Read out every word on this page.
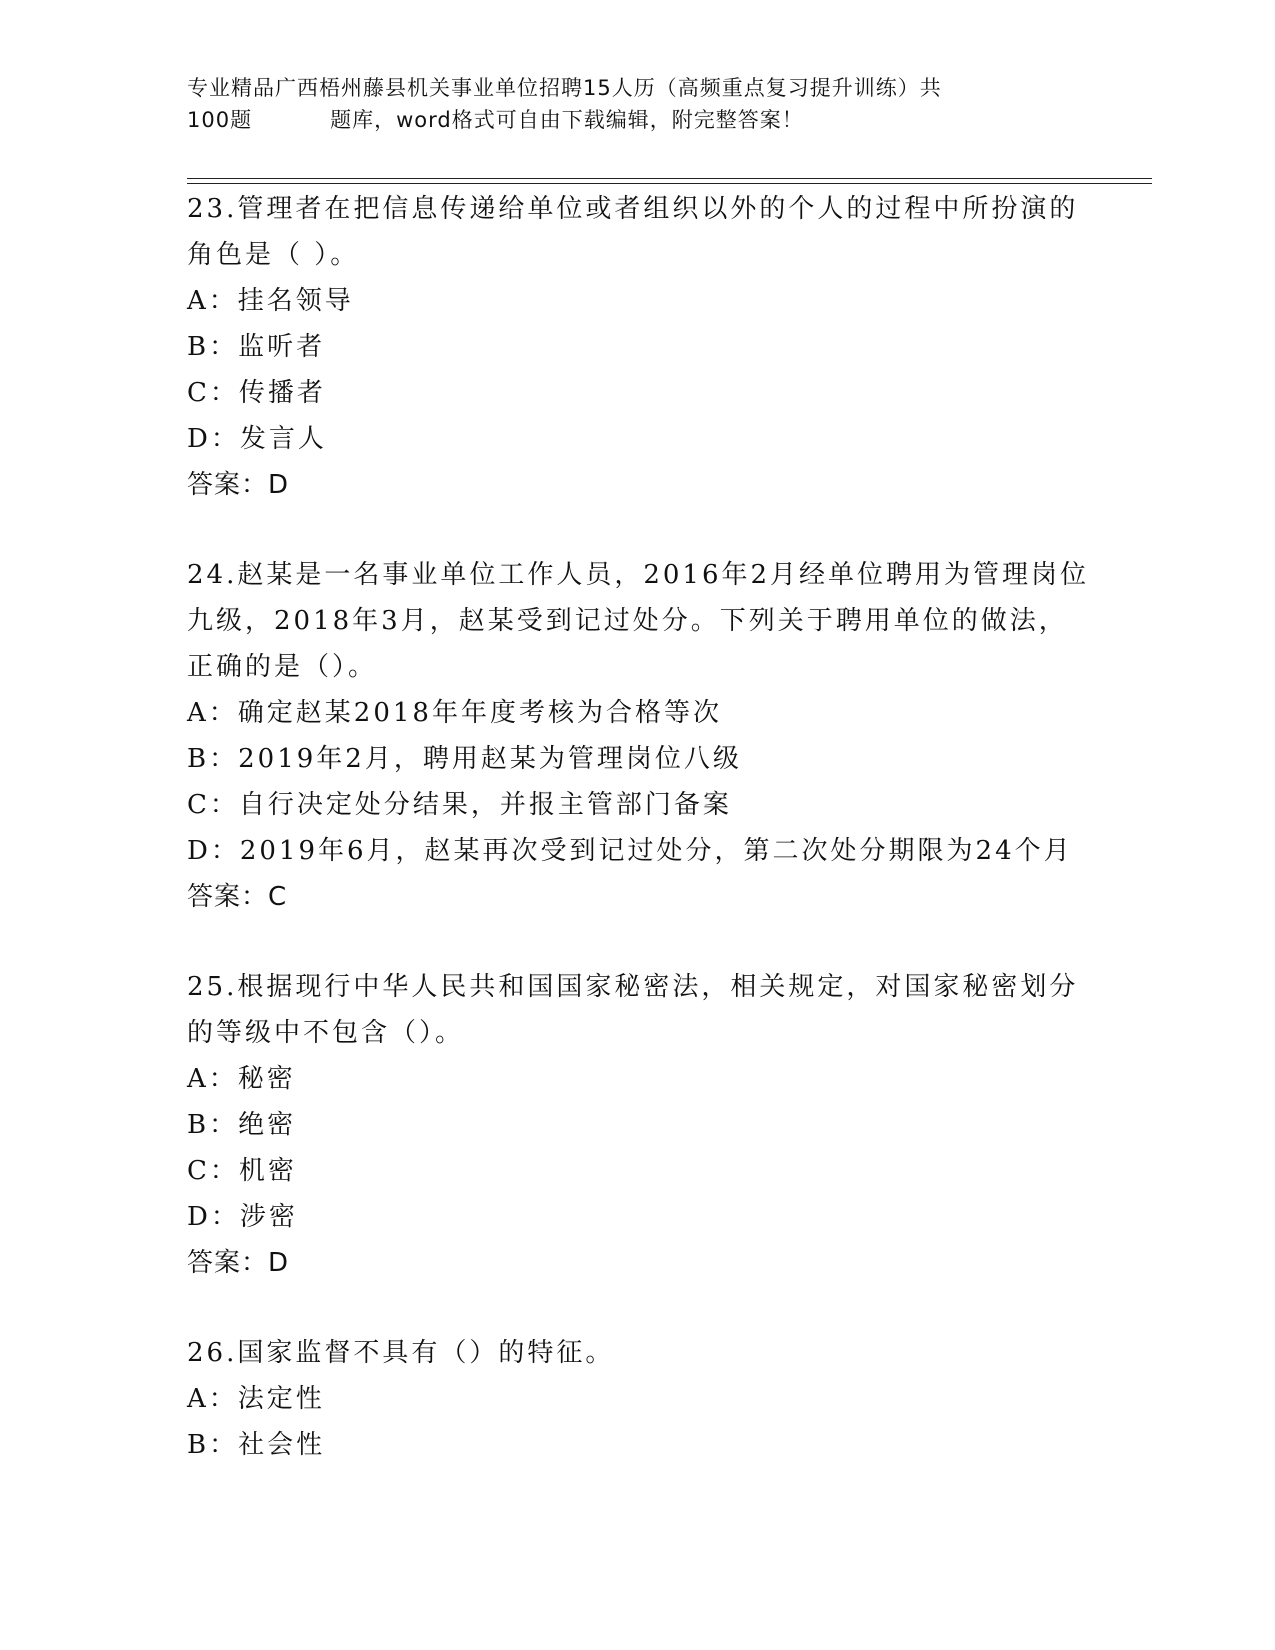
专业精品广西梧州藤县机关事业单位招聘15人历（高频重点复习提升训练）共
100题	题库，word格式可自由下载编辑，附完整答案！
23.管理者在把信息传递给单位或者组织以外的个人的过程中所扮演的
角色是（ ）。
A：挂名领导
B：监听者
C：传播者
D：发言人
答案：D
24.赵某是一名事业单位工作人员，2016年2月经单位聘用为管理岗位
九级，2018年3月，赵某受到记过处分。下列关于聘用单位的做法，
正确的是（）。
A：确定赵某2018年年度考核为合格等次
B：2019年2月，聘用赵某为管理岗位八级
C：自行决定处分结果，并报主管部门备案
D：2019年6月，赵某再次受到记过处分，第二次处分期限为24个月
答案：C
25.根据现行中华人民共和国国家秘密法，相关规定，对国家秘密划分
的等级中不包含（）。
A：秘密
B：绝密
C：机密
D：涉密
答案：D
26.国家监督不具有（）的特征。
A：法定性
B：社会性
